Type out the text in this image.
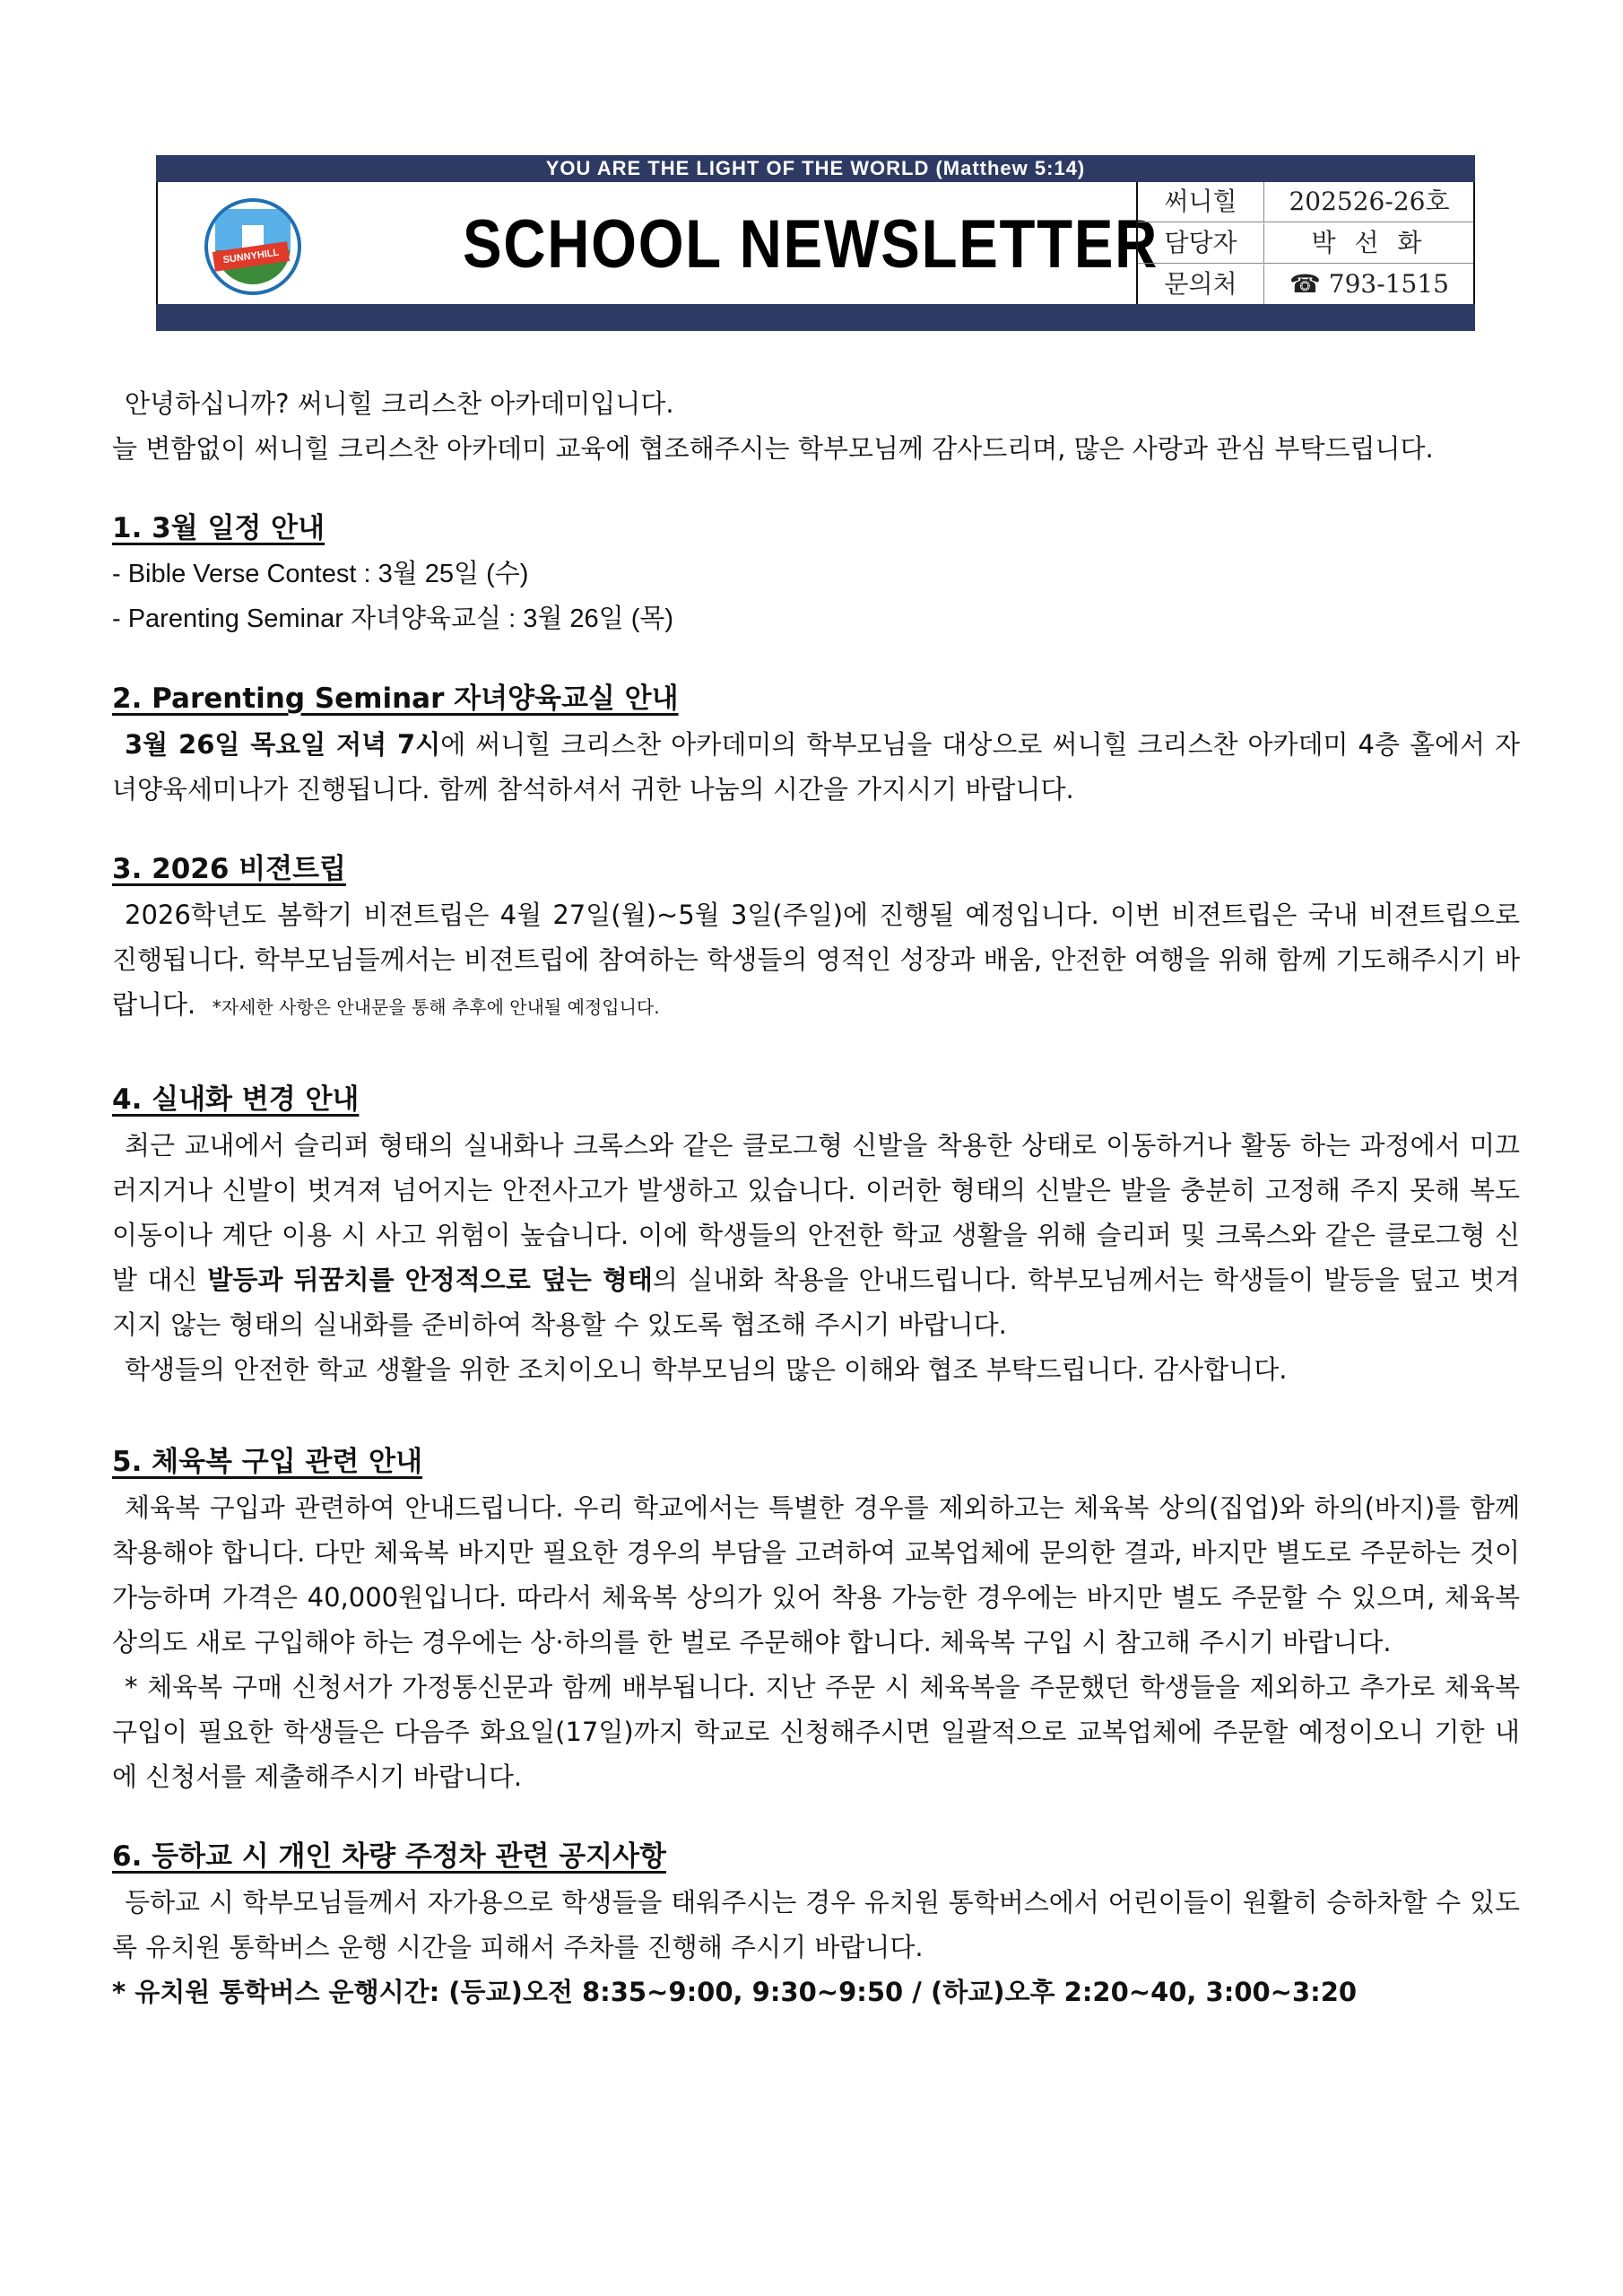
YOU ARE THE LIGHT OF THE WORLD (Matthew 5:14)
SUNNYHILL	SCHOOL NEWSLETTER
써니힐	202526-26호
담당자	박 선 화
문의처	☎ 793-1515

안녕하십니까? 써니힐 크리스찬 아카데미입니다.

늘 변함없이 써니힐 크리스찬 아카데미 교육에 협조해주시는 학부모님께 감사드리며, 많은 사랑과 관심 부탁드립니다.

1. 3월 일정 안내

- Bible Verse Contest : 3월 25일 (수)

- Parenting Seminar 자녀양육교실 : 3월 26일 (목)

2. Parenting Seminar 자녀양육교실 안내

3월 26일 목요일 저녁 7시에 써니힐 크리스찬 아카데미의 학부모님을 대상으로 써니힐 크리스찬 아카데미 4층 홀에서 자녀양육세미나가 진행됩니다. 함께 참석하셔서 귀한 나눔의 시간을 가지시기 바랍니다.

3. 2026 비젼트립

2026학년도 봄학기 비젼트립은 4월 27일(월)~5월 3일(주일)에 진행될 예정입니다. 이번 비젼트립은 국내 비젼트립으로 진행됩니다. 학부모님들께서는 비젼트립에 참여하는 학생들의 영적인 성장과 배움, 안전한 여행을 위해 함께 기도해주시기 바랍니다. *자세한 사항은 안내문을 통해 추후에 안내될 예정입니다.

4. 실내화 변경 안내

최근 교내에서 슬리퍼 형태의 실내화나 크록스와 같은 클로그형 신발을 착용한 상태로 이동하거나 활동 하는 과정에서 미끄러지거나 신발이 벗겨져 넘어지는 안전사고가 발생하고 있습니다. 이러한 형태의 신발은 발을 충분히 고정해 주지 못해 복도 이동이나 계단 이용 시 사고 위험이 높습니다. 이에 학생들의 안전한 학교 생활을 위해 슬리퍼 및 크록스와 같은 클로그형 신발 대신 발등과 뒤꿈치를 안정적으로 덮는 형태의 실내화 착용을 안내드립니다. 학부모님께서는 학생들이 발등을 덮고 벗겨지지 않는 형태의 실내화를 준비하여 착용할 수 있도록 협조해 주시기 바랍니다.

학생들의 안전한 학교 생활을 위한 조치이오니 학부모님의 많은 이해와 협조 부탁드립니다. 감사합니다.

5. 체육복 구입 관련 안내

체육복 구입과 관련하여 안내드립니다. 우리 학교에서는 특별한 경우를 제외하고는 체육복 상의(집업)와 하의(바지)를 함께 착용해야 합니다. 다만 체육복 바지만 필요한 경우의 부담을 고려하여 교복업체에 문의한 결과, 바지만 별도로 주문하는 것이 가능하며 가격은 40,000원입니다. 따라서 체육복 상의가 있어 착용 가능한 경우에는 바지만 별도 주문할 수 있으며, 체육복 상의도 새로 구입해야 하는 경우에는 상·하의를 한 벌로 주문해야 합니다. 체육복 구입 시 참고해 주시기 바랍니다.

* 체육복 구매 신청서가 가정통신문과 함께 배부됩니다. 지난 주문 시 체육복을 주문했던 학생들을 제외하고 추가로 체육복 구입이 필요한 학생들은 다음주 화요일(17일)까지 학교로 신청해주시면 일괄적으로 교복업체에 주문할 예정이오니 기한 내에 신청서를 제출해주시기 바랍니다.

6. 등하교 시 개인 차량 주정차 관련 공지사항

등하교 시 학부모님들께서 자가용으로 학생들을 태워주시는 경우 유치원 통학버스에서 어린이들이 원활히 승하차할 수 있도록 유치원 통학버스 운행 시간을 피해서 주차를 진행해 주시기 바랍니다.

* 유치원 통학버스 운행시간: (등교)오전 8:35~9:00, 9:30~9:50 / (하교)오후 2:20~40, 3:00~3:20
